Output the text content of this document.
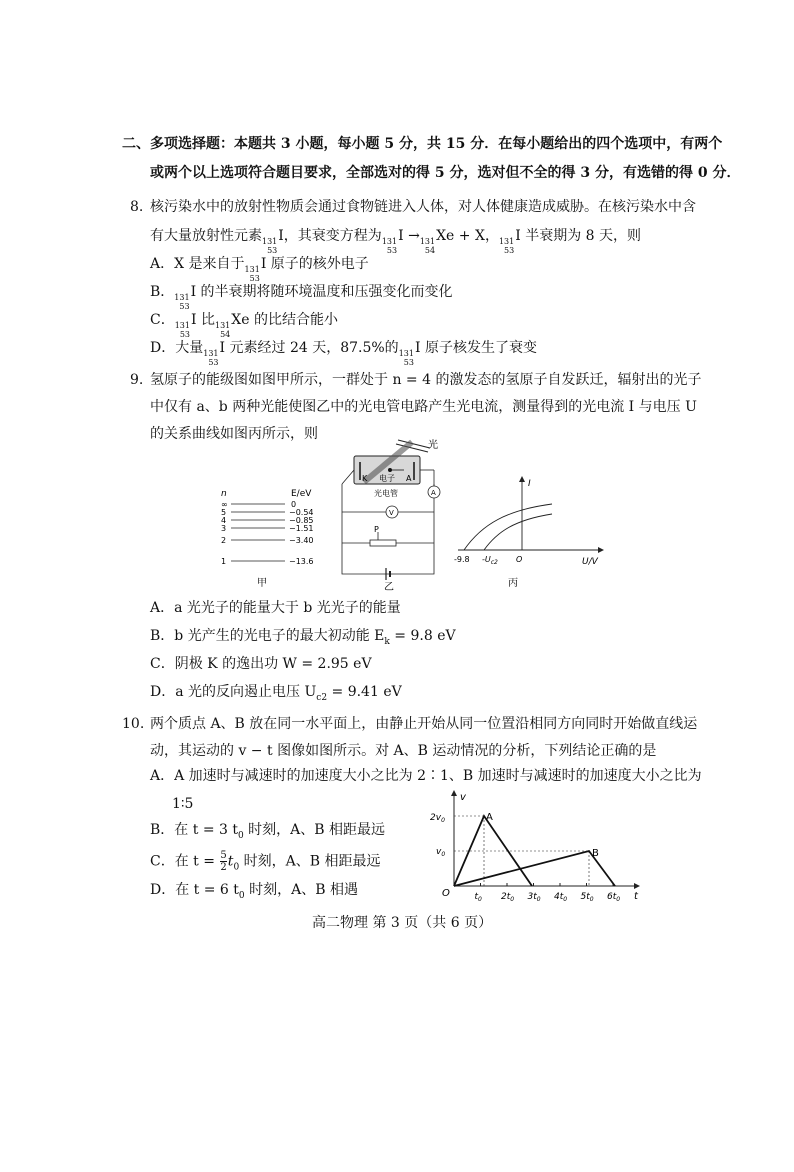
二、多项选择题：本题共 3 小题，每小题 5 分，共 15 分．在每小题给出的四个选项中，有两个
或两个以上选项符合题目要求，全部选对的得 5 分，选对但不全的得 3 分，有选错的得 0 分．
8. 核污染水中的放射性物质会通过食物链进入人体，对人体健康造成威胁。在核污染水中含
有大量放射性元素 131
53
I，其衰变方程为 131
53
I → 131
54
Xe + X， 131
53
I 半衰期为 8 天，则
A．X 是来自于 131
53
I 原子的核外电子
B． 131
53
I 的半衰期将随环境温度和压强变化而变化
C． 131
53
I 比 131
54
Xe 的比结合能小
D．大量 131
53
I 元素经过 24 天，87.5%的 131
53
I 原子核发生了衰变
9. 氢原子的能级图如图甲所示，一群处于 n = 4 的激发态的氢原子自发跃迁，辐射出的光子
中仅有 a、b 两种光能使图乙中的光电管电路产生光电流，测量得到的光电流 I 与电压 U
的关系曲线如图丙所示，则
n	E/eV
∞	0
5	−0.54
4	−0.85
3	−1.51
2	−3.40
1	−13.6
甲
光
K	A
电子
光电管	A
V
P
乙
I
U/V
-9.8 $-U_{c2}$ O
丙
A．a 光光子的能量大于 b 光光子的能量
B．b 光产生的光电子的最大初动能 $E_k = 9.8$ eV
C．阴极 K 的逸出功 W = 2.95 eV
D．a 光的反向遏止电压 $U_{c2} = 9.41$ eV
10. 两个质点 A、B 放在同一水平面上，由静止开始从同一位置沿相同方向同时开始做直线运
动，其运动的 v − t 图像如图所示。对 A、B 运动情况的分析，下列结论正确的是
A．A 加速时与减速时的加速度大小之比为 2∶1、B 加速时与减速时的加速度大小之比为
1∶5
B．在 t = 3 $t_0$ 时刻，A、B 相距最远
C．在 $t = \frac{5}{2} t_0$ 时刻，A、B 相距最远
D．在 t = 6 $t_0$ 时刻，A、B 相遇
v
t
O
$2v_0$
$v_0$
$t_0$ $2t_0$ $3t_0$ $4t_0$ $5t_0$ $6t_0$
A
B
高二物理 第 3 页（共 6 页）
